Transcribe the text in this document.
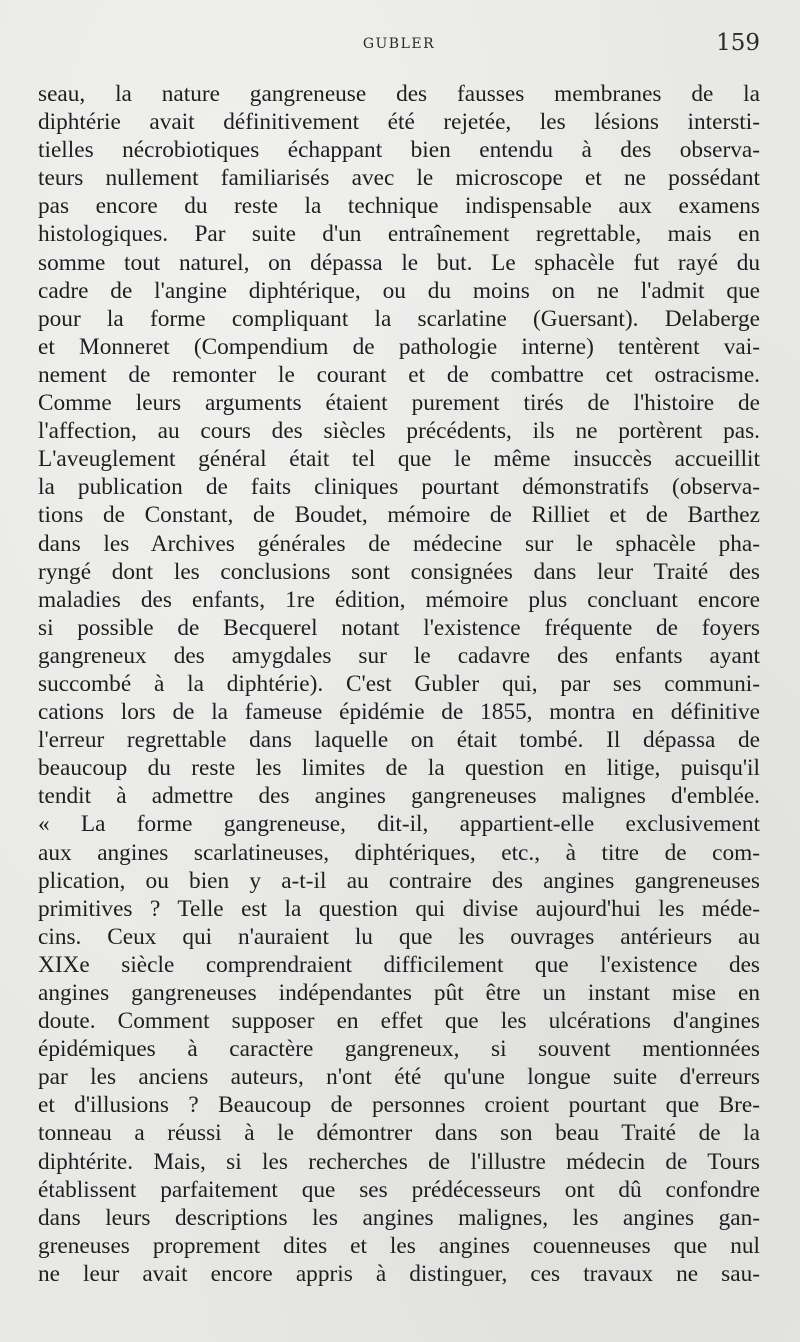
GUBLER	159
seau, la nature gangreneuse des fausses membranes de la
diphtérie avait définitivement été rejetée, les lésions intersti-
tielles nécrobiotiques échappant bien entendu à des observa-
teurs nullement familiarisés avec le microscope et ne possédant
pas encore du reste la technique indispensable aux examens
histologiques. Par suite d'un entraînement regrettable, mais en
somme tout naturel, on dépassa le but. Le sphacèle fut rayé du
cadre de l'angine diphtérique, ou du moins on ne l'admit que
pour la forme compliquant la scarlatine (Guersant). Delaberge
et Monneret (Compendium de pathologie interne) tentèrent vai-
nement de remonter le courant et de combattre cet ostracisme.
Comme leurs arguments étaient purement tirés de l'histoire de
l'affection, au cours des siècles précédents, ils ne portèrent pas.
L'aveuglement général était tel que le même insuccès accueillit
la publication de faits cliniques pourtant démonstratifs (observa-
tions de Constant, de Boudet, mémoire de Rilliet et de Barthez
dans les Archives générales de médecine sur le sphacèle pha-
ryngé dont les conclusions sont consignées dans leur Traité des
maladies des enfants, 1re édition, mémoire plus concluant encore
si possible de Becquerel notant l'existence fréquente de foyers
gangreneux des amygdales sur le cadavre des enfants ayant
succombé à la diphtérie). C'est Gubler qui, par ses communi-
cations lors de la fameuse épidémie de 1855, montra en définitive
l'erreur regrettable dans laquelle on était tombé. Il dépassa de
beaucoup du reste les limites de la question en litige, puisqu'il
tendit à admettre des angines gangreneuses malignes d'emblée.
« La forme gangreneuse, dit-il, appartient-elle exclusivement
aux angines scarlatineuses, diphtériques, etc., à titre de com-
plication, ou bien y a-t-il au contraire des angines gangreneuses
primitives ? Telle est la question qui divise aujourd'hui les méde-
cins. Ceux qui n'auraient lu que les ouvrages antérieurs au
XIXe siècle comprendraient difficilement que l'existence des
angines gangreneuses indépendantes pût être un instant mise en
doute. Comment supposer en effet que les ulcérations d'angines
épidémiques à caractère gangreneux, si souvent mentionnées
par les anciens auteurs, n'ont été qu'une longue suite d'erreurs
et d'illusions ? Beaucoup de personnes croient pourtant que Bre-
tonneau a réussi à le démontrer dans son beau Traité de la
diphtérite. Mais, si les recherches de l'illustre médecin de Tours
établissent parfaitement que ses prédécesseurs ont dû confondre
dans leurs descriptions les angines malignes, les angines gan-
greneuses proprement dites et les angines couenneuses que nul
ne leur avait encore appris à distinguer, ces travaux ne sau-
